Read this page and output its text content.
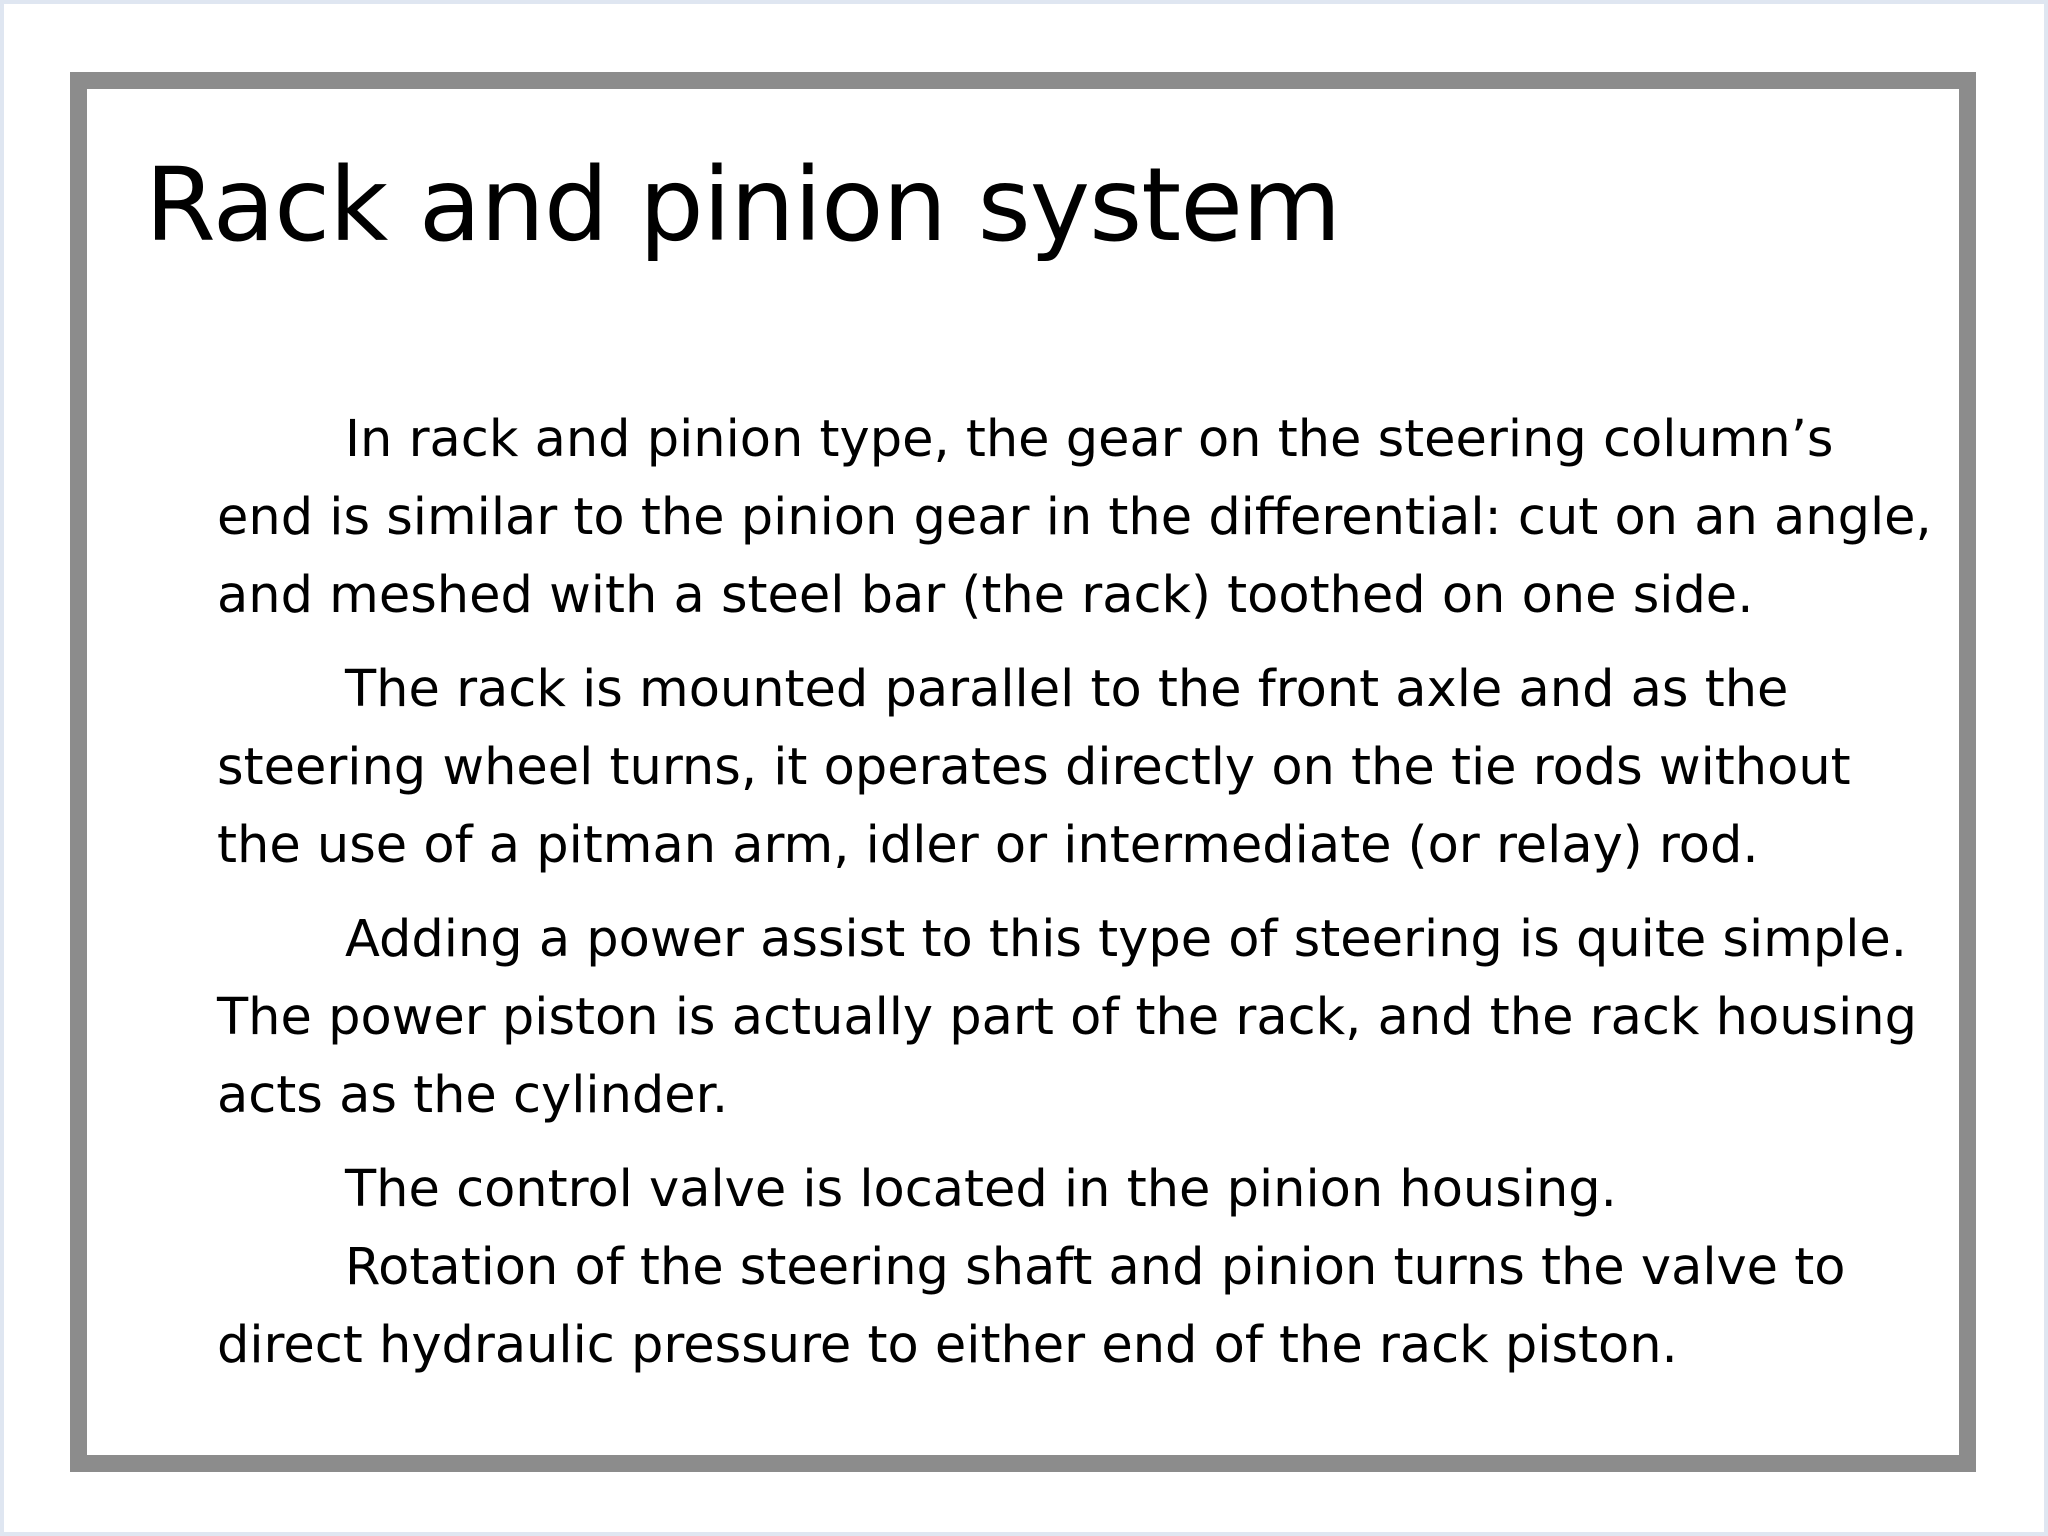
Rack and pinion system

In rack and pinion type, the gear on the steering column’s end is similar to the pinion gear in the differential: cut on an angle, and meshed with a steel bar (the rack) toothed on one side.

The rack is mounted parallel to the front axle and as the steering wheel turns, it operates directly on the tie rods without the use of a pitman arm, idler or intermediate (or relay) rod.

Adding a power assist to this type of steering is quite simple. The power piston is actually part of the rack, and the rack housing acts as the cylinder.

The control valve is located in the pinion housing.

Rotation of the steering shaft and pinion turns the valve to direct hydraulic pressure to either end of the rack piston.
